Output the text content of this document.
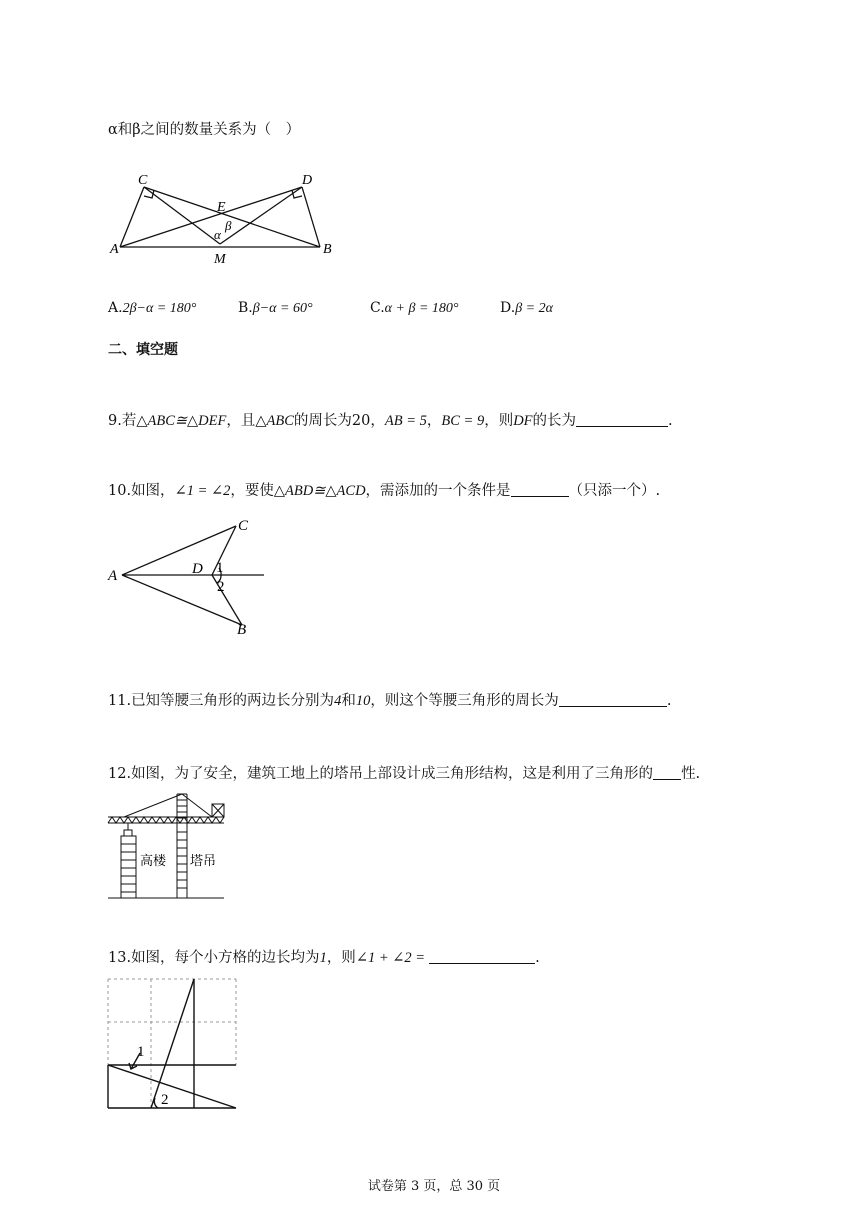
α和β之间的数量关系为（　）
C	D
E
α
β
A	B
M
A.2β−α = 180°	B.β−α = 60°	C.α + β = 180°	D.β = 2α
二、填空题
9.若△ABC≅△DEF，且△ABC的周长为20，AB = 5，BC = 9，则DF的长为	.
10.如图，∠1 = ∠2，要使△ABD≅△ACD，需添加的一个条件是	（只添一个）.
A
C
D 1
2
B
11.已知等腰三角形的两边长分别为4和10，则这个等腰三角形的周长为	.
12.如图，为了安全，建筑工地上的塔吊上部设计成三角形结构，这是利用了三角形的 性.
高楼 塔吊
13.如图，每个小方格的边长均为1，则∠1 + ∠2 =	.
1
2
试卷第 3 页，总 30 页
